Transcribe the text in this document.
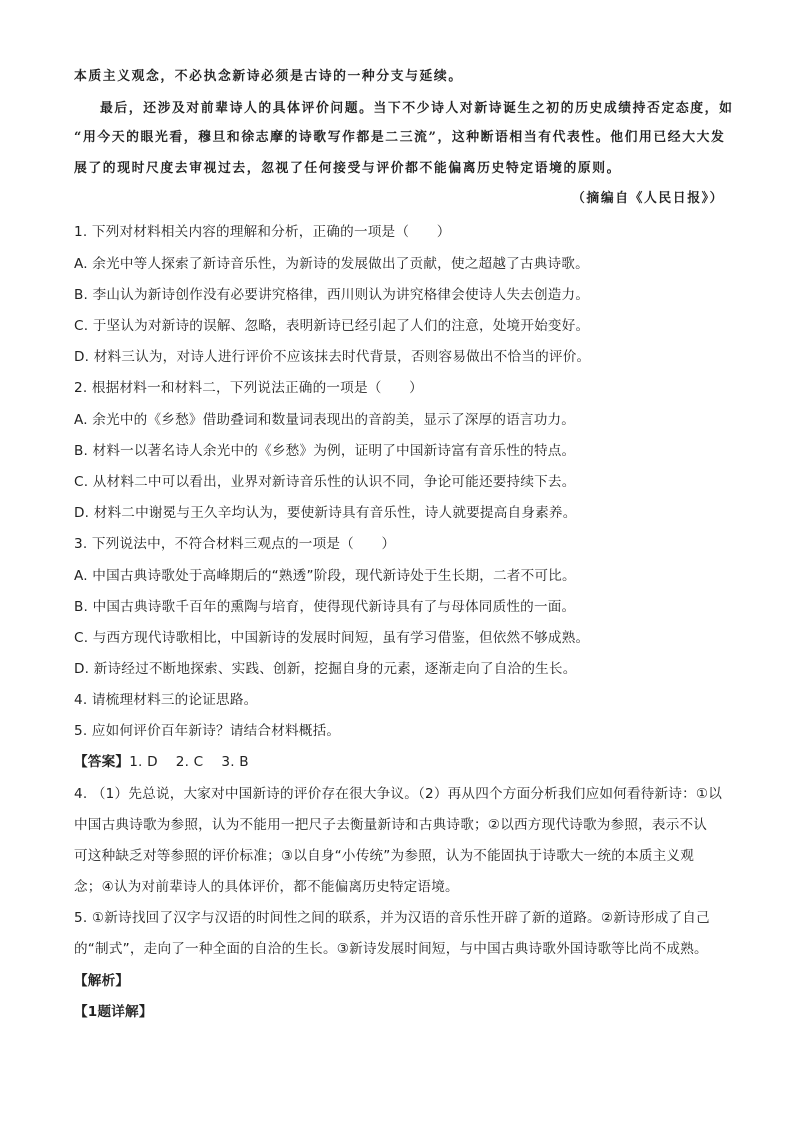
本质主义观念，不必执念新诗必须是古诗的一种分支与延续。
最后，还涉及对前辈诗人的具体评价问题。当下不少诗人对新诗诞生之初的历史成绩持否定态度，如
“用今天的眼光看，穆旦和徐志摩的诗歌写作都是二三流”，这种断语相当有代表性。他们用已经大大发
展了的现时尺度去审视过去，忽视了任何接受与评价都不能偏离历史特定语境的原则。
（摘编自《人民日报》）
1. 下列对材料相关内容的理解和分析，正确的一项是（　　）
A. 余光中等人探索了新诗音乐性，为新诗的发展做出了贡献，使之超越了古典诗歌。
B. 李山认为新诗创作没有必要讲究格律，西川则认为讲究格律会使诗人失去创造力。
C. 于坚认为对新诗的误解、忽略，表明新诗已经引起了人们的注意，处境开始变好。
D. 材料三认为，对诗人进行评价不应该抹去时代背景，否则容易做出不恰当的评价。
2. 根据材料一和材料二，下列说法正确的一项是（　　）
A. 余光中的《乡愁》借助叠词和数量词表现出的音韵美，显示了深厚的语言功力。
B. 材料一以著名诗人余光中的《乡愁》为例，证明了中国新诗富有音乐性的特点。
C. 从材料二中可以看出，业界对新诗音乐性的认识不同，争论可能还要持续下去。
D. 材料二中谢冕与王久辛均认为，要使新诗具有音乐性，诗人就要提高自身素养。
3. 下列说法中，不符合材料三观点的一项是（　　）
A. 中国古典诗歌处于高峰期后的“熟透”阶段，现代新诗处于生长期，二者不可比。
B. 中国古典诗歌千百年的熏陶与培育，使得现代新诗具有了与母体同质性的一面。
C. 与西方现代诗歌相比，中国新诗的发展时间短，虽有学习借鉴，但依然不够成熟。
D. 新诗经过不断地探索、实践、创新，挖掘自身的元素，逐渐走向了自洽的生长。
4. 请梳理材料三的论证思路。
5. 应如何评价百年新诗？请结合材料概括。
【答案】1. D 2. C 3. B
4. （1）先总说，大家对中国新诗的评价存在很大争议。（2）再从四个方面分析我们应如何看待新诗：①以
中国古典诗歌为参照，认为不能用一把尺子去衡量新诗和古典诗歌；②以西方现代诗歌为参照，表示不认
可这种缺乏对等参照的评价标准；③以自身“小传统”为参照，认为不能固执于诗歌大一统的本质主义观
念；④认为对前辈诗人的具体评价，都不能偏离历史特定语境。
5. ①新诗找回了汉字与汉语的时间性之间的联系，并为汉语的音乐性开辟了新的道路。②新诗形成了自己
的“制式”，走向了一种全面的自洽的生长。③新诗发展时间短，与中国古典诗歌外国诗歌等比尚不成熟。
【解析】
【1题详解】
